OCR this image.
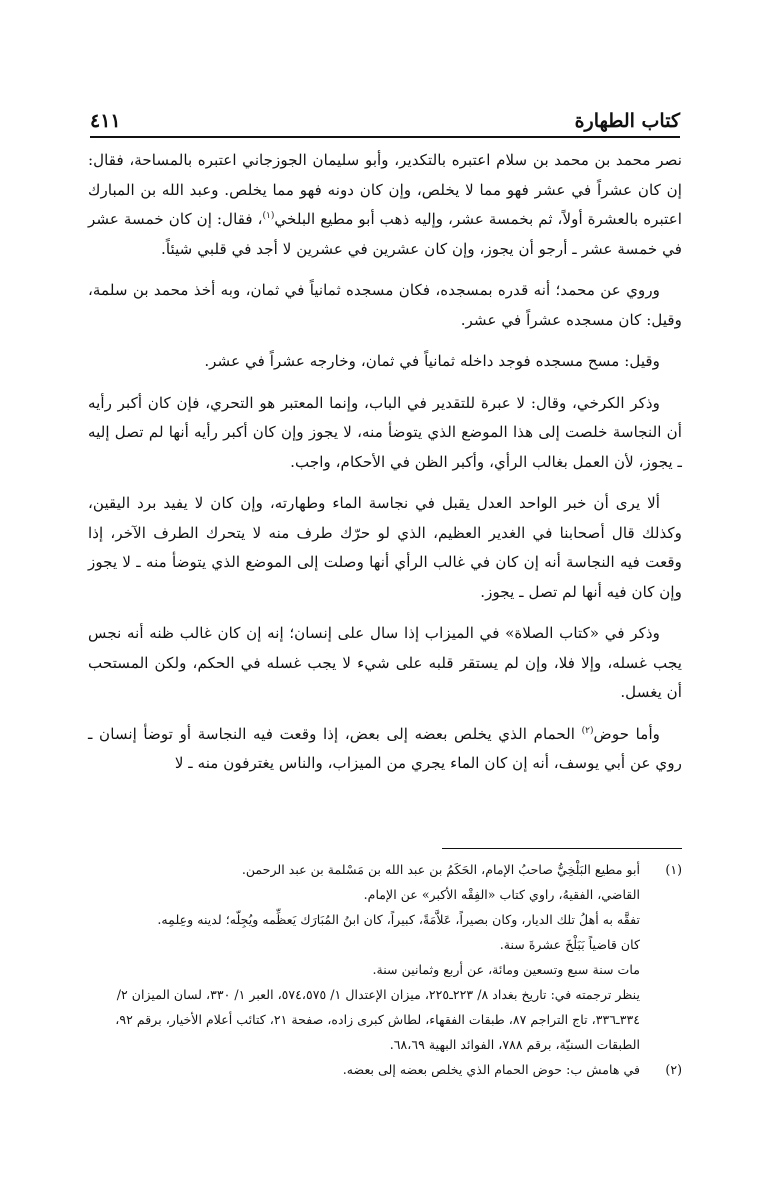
كتاب الطهارة
٤١١

نصر محمد بن محمد بن سلام اعتبره بالتكدير، وأبو سليمان الجوزجاني اعتبره بالمساحة، فقال: إن كان عشراً في عشر فهو مما لا يخلص، وإن كان دونه فهو مما يخلص. وعبد الله بن المبارك اعتبره بالعشرة أولاً، ثم بخمسة عشر، وإليه ذهب أبو مطيع البلخي$^{(١)}$، فقال: إن كان خمسة عشر في خمسة عشر ـ أرجو أن يجوز، وإن كان عشرين في عشرين لا أجد في قلبي شيئاً.

وروي عن محمد؛ أنه قدره بمسجده، فكان مسجده ثمانياً في ثمان، وبه أخذ محمد بن سلمة، وقيل: كان مسجده عشراً في عشر.

وقيل: مسح مسجده فوجد داخله ثمانياً في ثمان، وخارجه عشراً في عشر.

وذكر الكرخي، وقال: لا عبرة للتقدير في الباب، وإنما المعتبر هو التحري، فإن كان أكبر رأيه أن النجاسة خلصت إلى هذا الموضع الذي يتوضأ منه، لا يجوز وإن كان أكبر رأيه أنها لم تصل إليه ـ يجوز، لأن العمل بغالب الرأي، وأكبر الظن في الأحكام، واجب.

ألا يرى أن خبر الواحد العدل يقبل في نجاسة الماء وطهارته، وإن كان لا يفيد برد اليقين، وكذلك قال أصحابنا في الغدير العظيم، الذي لو حرّك طرف منه لا يتحرك الطرف الآخر، إذا وقعت فيه النجاسة أنه إن كان في غالب الرأي أنها وصلت إلى الموضع الذي يتوضأ منه ـ لا يجوز وإن كان فيه أنها لم تصل ـ يجوز.

وذكر في «كتاب الصلاة» في الميزاب إذا سال على إنسان؛ إنه إن كان غالب ظنه أنه نجس يجب غسله، وإلا فلا، وإن لم يستقر قلبه على شيء لا يجب غسله في الحكم، ولكن المستحب أن يغسل.

وأما حوض$^{(٢)}$ الحمام الذي يخلص بعضه إلى بعض، إذا وقعت فيه النجاسة أو توضأ إنسان ـ روي عن أبي يوسف، أنه إن كان الماء يجري من الميزاب، والناس يغترفون منه ـ لا

(١)
أبو مطيع البَلْخِيُّ صاحبُ الإمام، الحَكَمُ بن عبد الله بن مَسْلمة بن عبد الرحمن.
القاضي، الفقيهُ، راوي كتاب «الفِقْه الأكبر» عن الإمام.
تفقَّه به أهلُ تلك الديار، وكان بصيراً، عَلاَّمَةً، كبيراً، كان ابنُ المُبَارَك يَعظِّمه ويُجِلّه؛ لدينه وعِلمِه.
كان قاضياً بَبَلْخَ عشرةَ سنة.
مات سنة سبع وتسعين ومائة، عن أربع وثمانين سنة.
ينظر ترجمته في: تاريخ بغداد ٨/ ٢٢٣ـ٢٢٥، ميزان الإعتدال ١/ ٥٧٤،٥٧٥، العبر ١/ ٣٣٠، لسان الميزان ٢/ ٣٣٤ـ٣٣٦، تاج التراجم ٨٧، طبقات الفقهاء، لطاش كبرى زاده، صفحة ٢١، كتائب أعلام الأخيار، برقم ٩٢، الطبقات السنيّة، برقم ٧٨٨، الفوائد البهية ٦٨،٦٩.
(٢)
في هامش ب: حوض الحمام الذي يخلص بعضه إلى بعضه.
